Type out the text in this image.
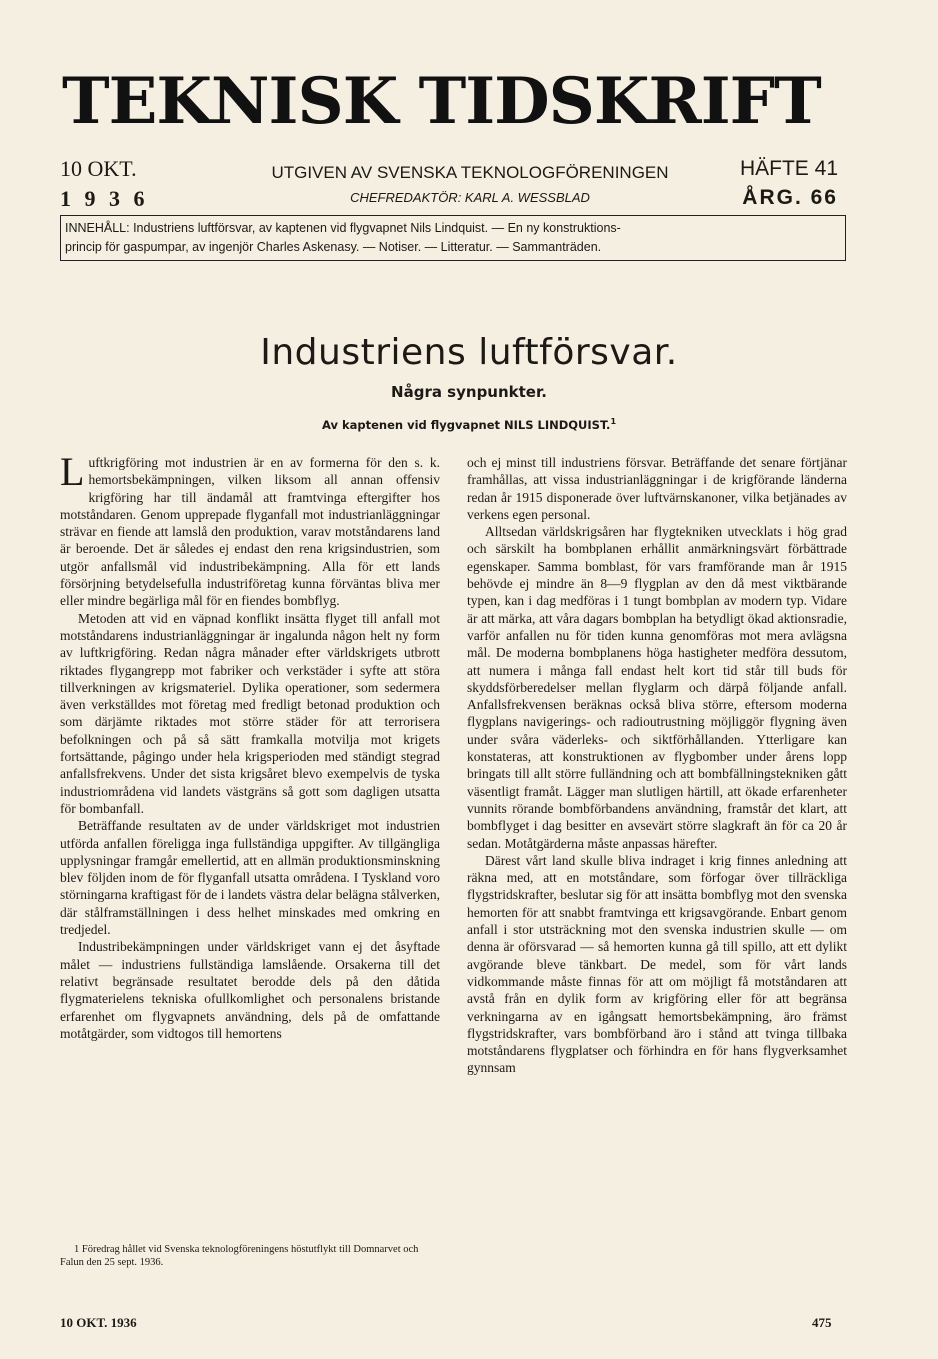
TEKNISK TIDSKRIFT
10 OKT.
1 9 3 6
UTGIVEN AV SVENSKA TEKNOLOGFÖRENINGEN
CHEFREDAKTÖR: KARL A. WESSBLAD
HÄFTE 41
ÅRG. 66
INNEHÅLL: Industriens luftförsvar, av kaptenen vid flygvapnet Nils Lindquist. — En ny konstruktions-
princip för gaspumpar, av ingenjör Charles Askenasy. — Notiser. — Litteratur. — Sammanträden.
Industriens luftförsvar.
Några synpunkter.
Av kaptenen vid flygvapnet NILS LINDQUIST.$^1$

Luftkrigföring mot industrien är en av formerna för den s. k. hemortsbekämpningen, vilken liksom all annan offensiv krigföring har till ändamål att framtvinga eftergifter hos motståndaren. Genom upprepade flyganfall mot industrianläggningar strävar en fiende att lamslå den produktion, varav motståndarens land är beroende. Det är således ej endast den rena krigsindustrien, som utgör anfallsmål vid industribekämpning. Alla för ett lands försörjning betydelsefulla industriföretag kunna förväntas bliva mer eller mindre begärliga mål för en fiendes bombflyg.

Metoden att vid en väpnad konflikt insätta flyget till anfall mot motståndarens industrianläggningar är ingalunda någon helt ny form av luftkrigföring. Redan några månader efter världskrigets utbrott riktades flygangrepp mot fabriker och verkstäder i syfte att störa tillverkningen av krigsmateriel. Dylika operationer, som sedermera även verkställdes mot företag med fredligt betonad produktion och som därjämte riktades mot större städer för att terrorisera befolkningen och på så sätt framkalla motvilja mot krigets fortsättande, pågingo under hela krigsperioden med ständigt stegrad anfallsfrekvens. Under det sista krigsåret blevo exempelvis de tyska industriområdena vid landets västgräns så gott som dagligen utsatta för bombanfall.

Beträffande resultaten av de under världskriget mot industrien utförda anfallen föreligga inga fullständiga uppgifter. Av tillgängliga upplysningar framgår emellertid, att en allmän produktionsminskning blev följden inom de för flyganfall utsatta områdena. I Tyskland voro störningarna kraftigast för de i landets västra delar belägna stålverken, där stålframställningen i dess helhet minskades med omkring en tredjedel.

Industribekämpningen under världskriget vann ej det åsyftade målet — industriens fullständiga lamslående. Orsakerna till det relativt begränsade resultatet berodde dels på den dåtida flygmaterielens tekniska ofullkomlighet och personalens bristande erfarenhet om flygvapnets användning, dels på de omfattande motåtgärder, som vidtogos till hemortens

och ej minst till industriens försvar. Beträffande det senare förtjänar framhållas, att vissa industrianläggningar i de krigförande länderna redan år 1915 disponerade över luftvärnskanoner, vilka betjänades av verkens egen personal.

Alltsedan världskrigsåren har flygtekniken utvecklats i hög grad och särskilt ha bombplanen erhållit anmärkningsvärt förbättrade egenskaper. Samma bomblast, för vars framförande man år 1915 behövde ej mindre än 8—9 flygplan av den då mest viktbärande typen, kan i dag medföras i 1 tungt bombplan av modern typ. Vidare är att märka, att våra dagars bombplan ha betydligt ökad aktionsradie, varför anfallen nu för tiden kunna genomföras mot mera avlägsna mål. De moderna bombplanens höga hastigheter medföra dessutom, att numera i många fall endast helt kort tid står till buds för skyddsförberedelser mellan flyglarm och därpå följande anfall. Anfallsfrekvensen beräknas också bliva större, eftersom moderna flygplans navigerings- och radioutrustning möjliggör flygning även under svåra väderleks- och siktförhållanden. Ytterligare kan konstateras, att konstruktionen av flygbomber under årens lopp bringats till allt större fulländning och att bombfällningstekniken gått väsentligt framåt. Lägger man slutligen härtill, att ökade erfarenheter vunnits rörande bombförbandens användning, framstår det klart, att bombflyget i dag besitter en avsevärt större slagkraft än för ca 20 år sedan. Motåtgärderna måste anpassas härefter.

Därest vårt land skulle bliva indraget i krig finnes anledning att räkna med, att en motståndare, som förfogar över tillräckliga flygstridskrafter, beslutar sig för att insätta bombflyg mot den svenska hemorten för att snabbt framtvinga ett krigsavgörande. Enbart genom anfall i stor utsträckning mot den svenska industrien skulle — om denna är oförsvarad — så hemorten kunna gå till spillo, att ett dylikt avgörande bleve tänkbart. De medel, som för vårt lands vidkommande måste finnas för att om möjligt få motståndaren att avstå från en dylik form av krigföring eller för att begränsa verkningarna av en igångsatt hemortsbekämpning, äro främst flygstridskrafter, vars bombförband äro i stånd att tvinga tillbaka motståndarens flygplatser och förhindra en för hans flygverksamhet gynnsam

1 Föredrag hållet vid Svenska teknologföreningens höstutflykt till Domnarvet och Falun den 25 sept. 1936.
10 OKT. 1936	475
